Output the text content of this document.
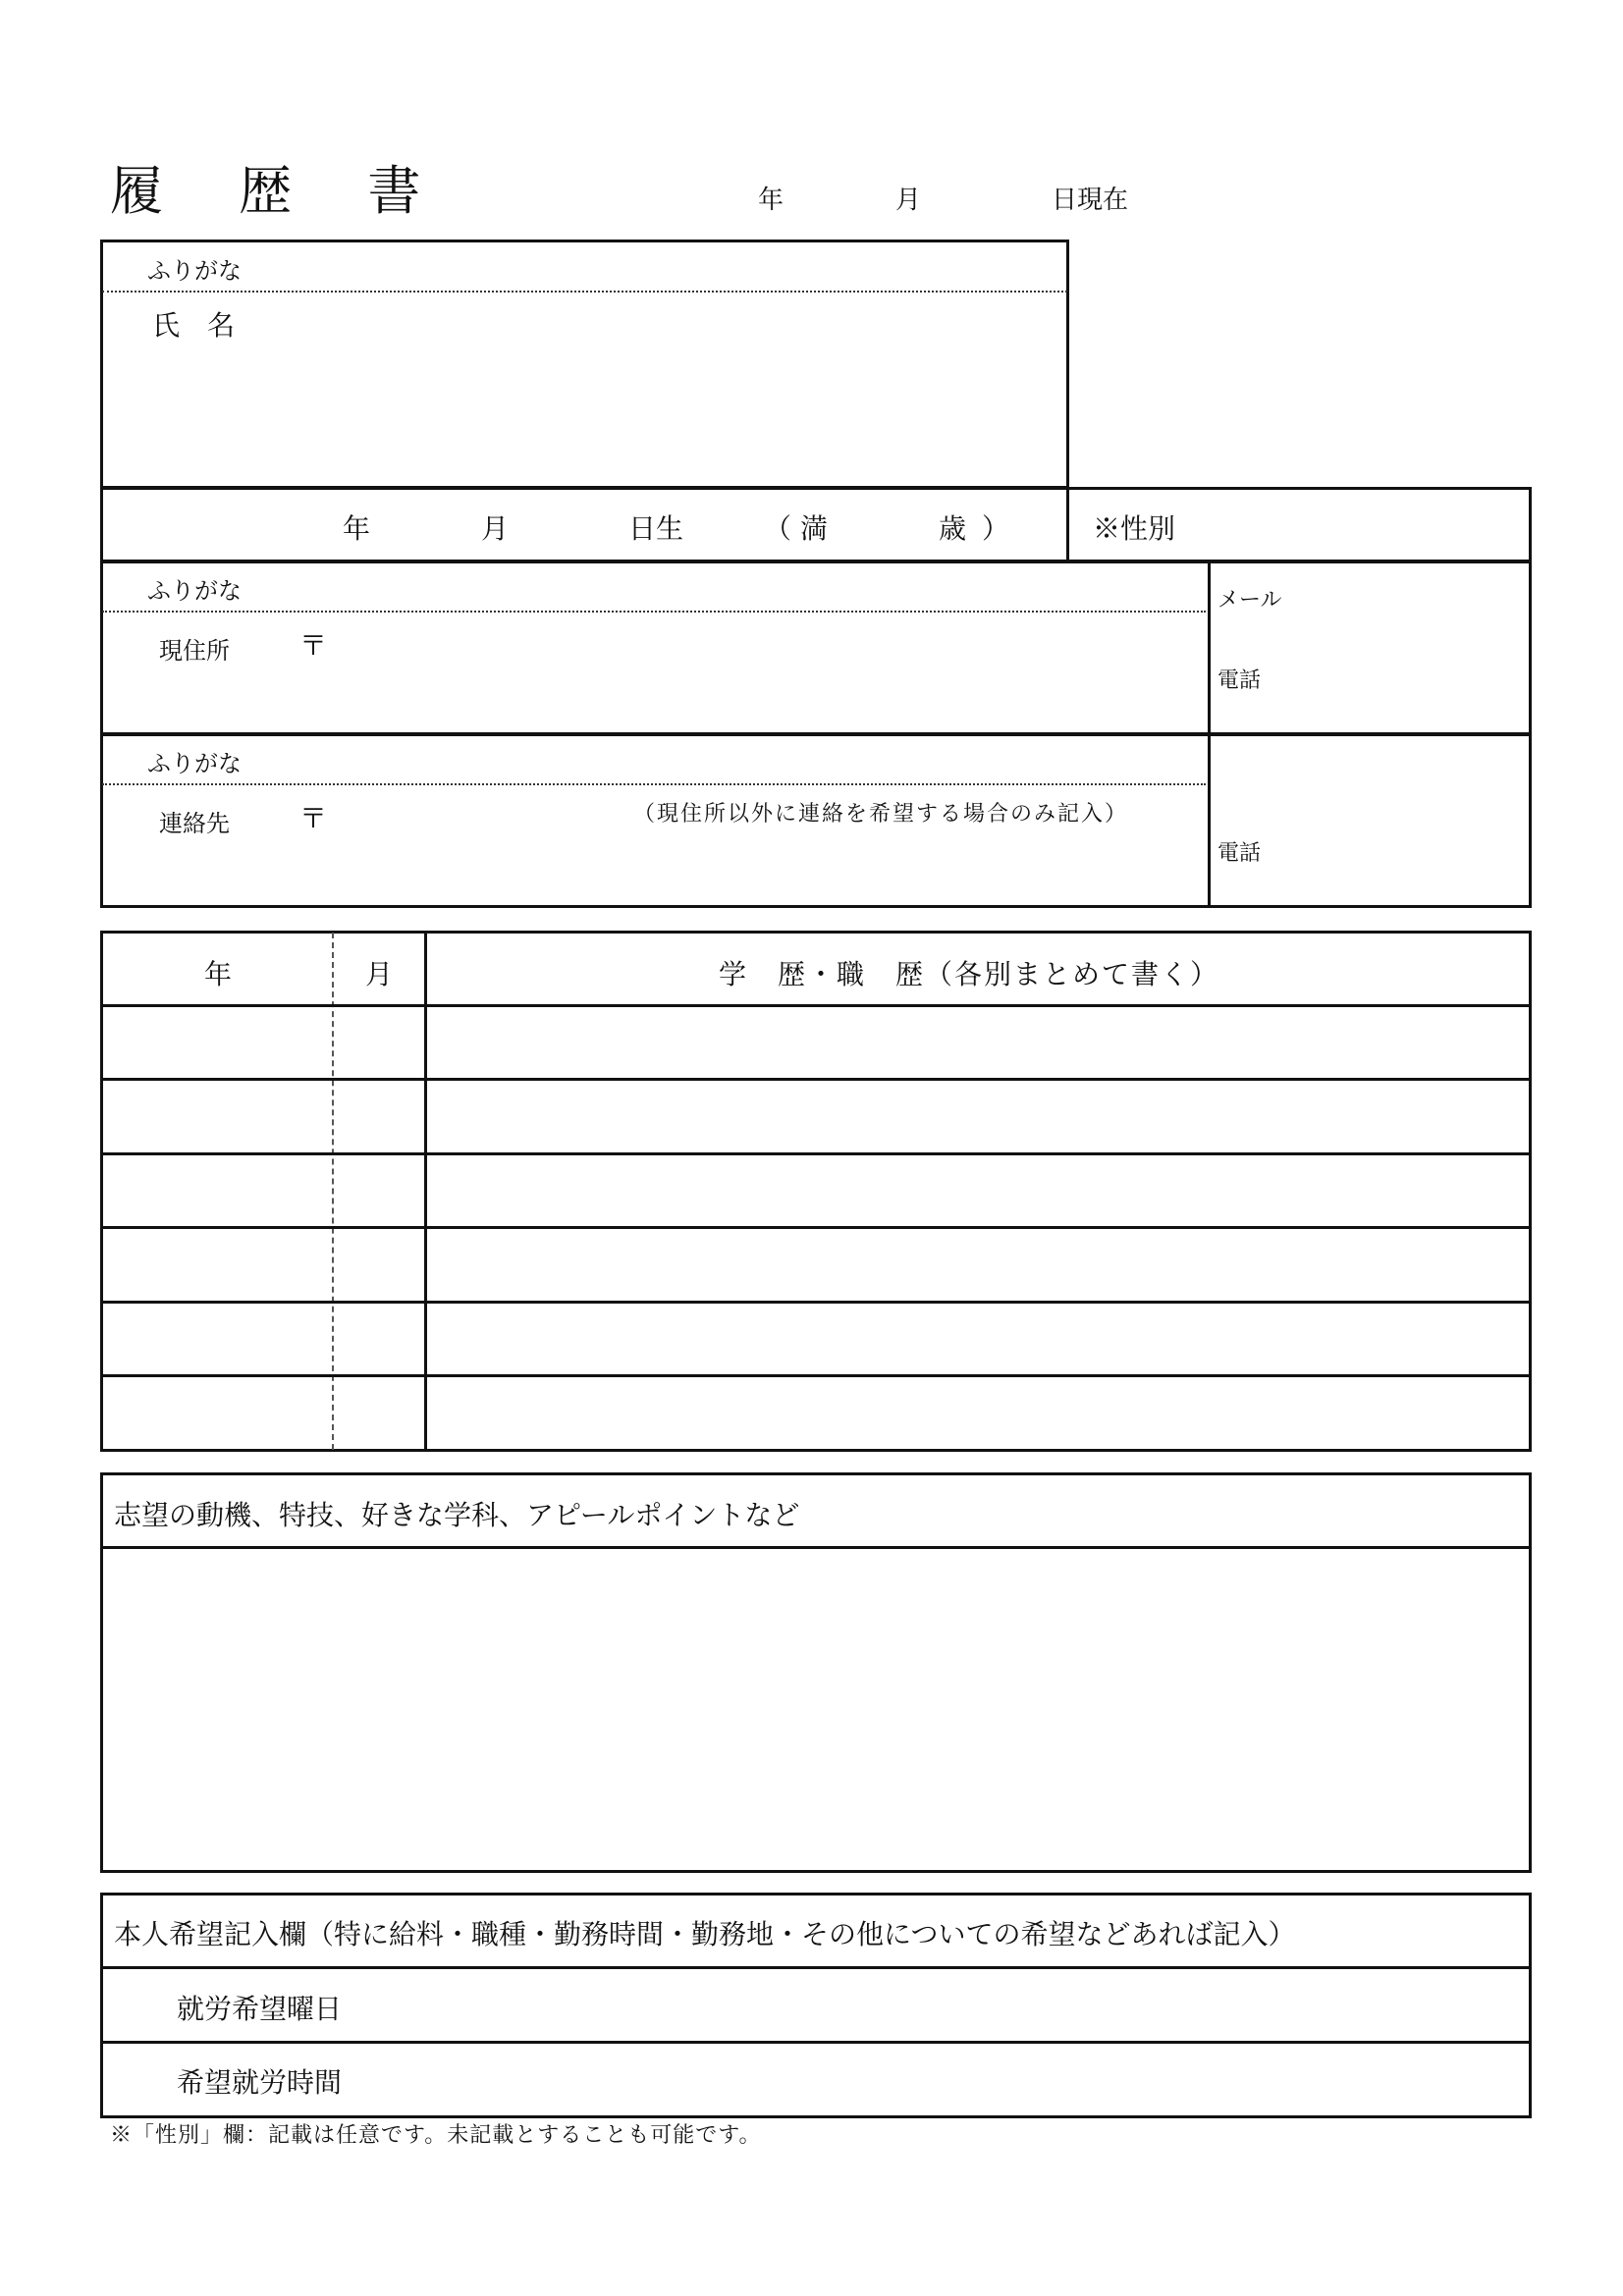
履 歴 書	年	月	日現在
ふりがな
氏　名
年	月	日生	（ 満	歳 ）	※性別
ふりがな
現住所	〒
メール
電話
ふりがな
連絡先	〒	（現住所以外に連絡を希望する場合のみ記入）
電話
年	月	学　歴・職　歴（各別まとめて書く）
志望の動機、特技、好きな学科、アピールポイントなど
本人希望記入欄（特に給料・職種・勤務時間・勤務地・その他についての希望などあれば記入）
就労希望曜日
希望就労時間
※「性別」欄：記載は任意です。未記載とすることも可能です。
